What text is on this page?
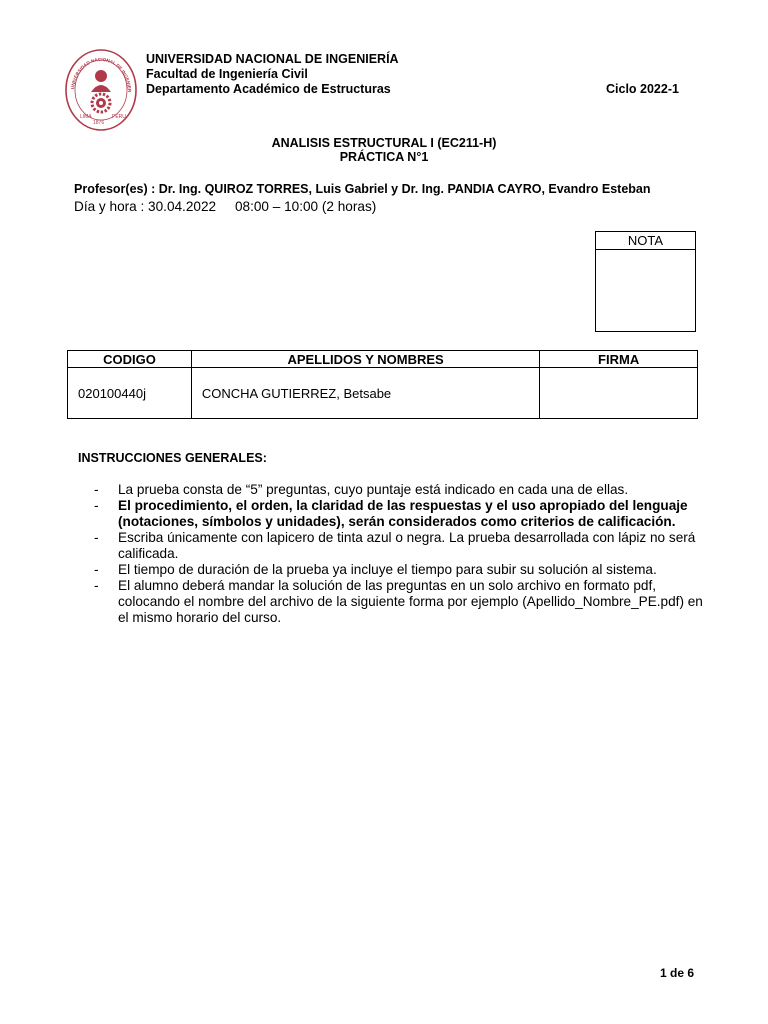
UNIVERSIDAD NACIONAL DE INGENIER
LIMA	PERU
1876
UNIVERSIDAD NACIONAL DE INGENIERÍA
Facultad de Ingeniería Civil
Departamento Académico de Estructuras	Ciclo 2022-1
ANALISIS ESTRUCTURAL I (EC211-H)
PRÁCTICA N°1
Profesor(es) : Dr. Ing. QUIROZ TORRES, Luis Gabriel y Dr. Ing. PANDIA CAYRO, Evandro Esteban
Día y hora : 30.04.2022     08:00 – 10:00 (2 horas)
NOTA
CODIGO	APELLIDOS Y NOMBRES	FIRMA
020100440j	CONCHA GUTIERREZ, Betsabe	
INSTRUCCIONES GENERALES:
- La prueba consta de “5” preguntas, cuyo puntaje está indicado en cada una de ellas.
- El procedimiento, el orden, la claridad de las respuestas y el uso apropiado del lenguaje (notaciones, símbolos y unidades), serán considerados como criterios de calificación.
- Escriba únicamente con lapicero de tinta azul o negra. La prueba desarrollada con lápiz no será calificada.
- El tiempo de duración de la prueba ya incluye el tiempo para subir su solución al sistema.
- El alumno deberá mandar la solución de las preguntas en un solo archivo en formato pdf, colocando el nombre del archivo de la siguiente forma por ejemplo (Apellido_Nombre_PE.pdf) en el mismo horario del curso.
1 de 6
